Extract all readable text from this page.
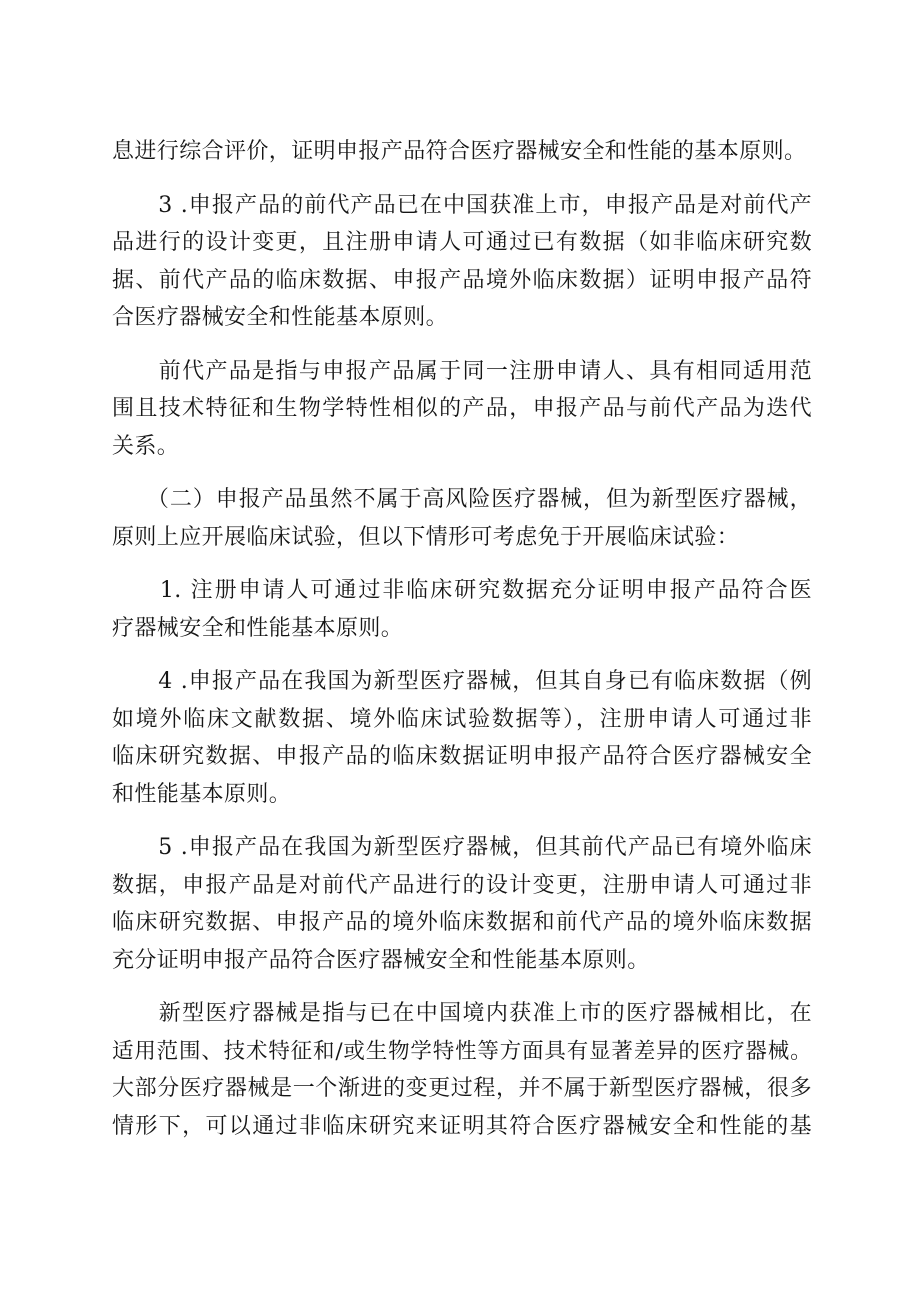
息进行综合评价，证明申报产品符合医疗器械安全和性能的基本原则。
　　3 .申报产品的前代产品已在中国获准上市，申报产品是对前代产
品进行的设计变更，且注册申请人可通过已有数据（如非临床研究数
据、前代产品的临床数据、申报产品境外临床数据）证明申报产品符
合医疗器械安全和性能基本原则。
　　前代产品是指与申报产品属于同一注册申请人、具有相同适用范
围且技术特征和生物学特性相似的产品，申报产品与前代产品为迭代
关系。
　　（二）申报产品虽然不属于高风险医疗器械，但为新型医疗器械，
原则上应开展临床试验，但以下情形可考虑免于开展临床试验：
　　1. 注册申请人可通过非临床研究数据充分证明申报产品符合医
疗器械安全和性能基本原则。
　　4 .申报产品在我国为新型医疗器械，但其自身已有临床数据（例
如境外临床文献数据、境外临床试验数据等），注册申请人可通过非
临床研究数据、申报产品的临床数据证明申报产品符合医疗器械安全
和性能基本原则。
　　5 .申报产品在我国为新型医疗器械，但其前代产品已有境外临床
数据，申报产品是对前代产品进行的设计变更，注册申请人可通过非
临床研究数据、申报产品的境外临床数据和前代产品的境外临床数据
充分证明申报产品符合医疗器械安全和性能基本原则。
　　新型医疗器械是指与已在中国境内获准上市的医疗器械相比，在
适用范围、技术特征和/或生物学特性等方面具有显著差异的医疗器械。
大部分医疗器械是一个渐进的变更过程，并不属于新型医疗器械，很多
情形下，可以通过非临床研究来证明其符合医疗器械安全和性能的基
